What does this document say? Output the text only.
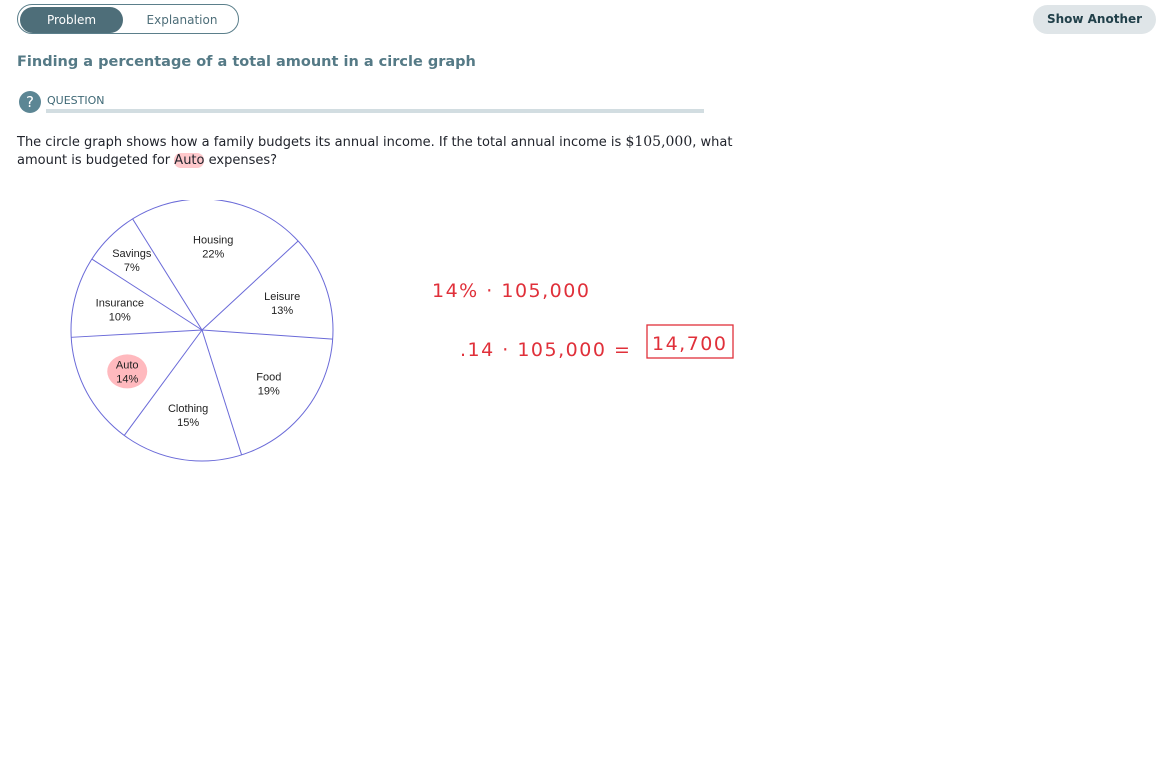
Problem	Explanation	Show Another
Finding a percentage of a total amount in a circle graph
?	QUESTION
The circle graph shows how a family budgets its annual income. If the total annual income is $105,000, what amount is budgeted for Auto expenses?
Housing
22%
Leisure
13%
Food
19%
Clothing
15%
Auto
14%
Insurance
10%
Savings
7%
14% · 105,000
.14 · 105,000 = 14,700
